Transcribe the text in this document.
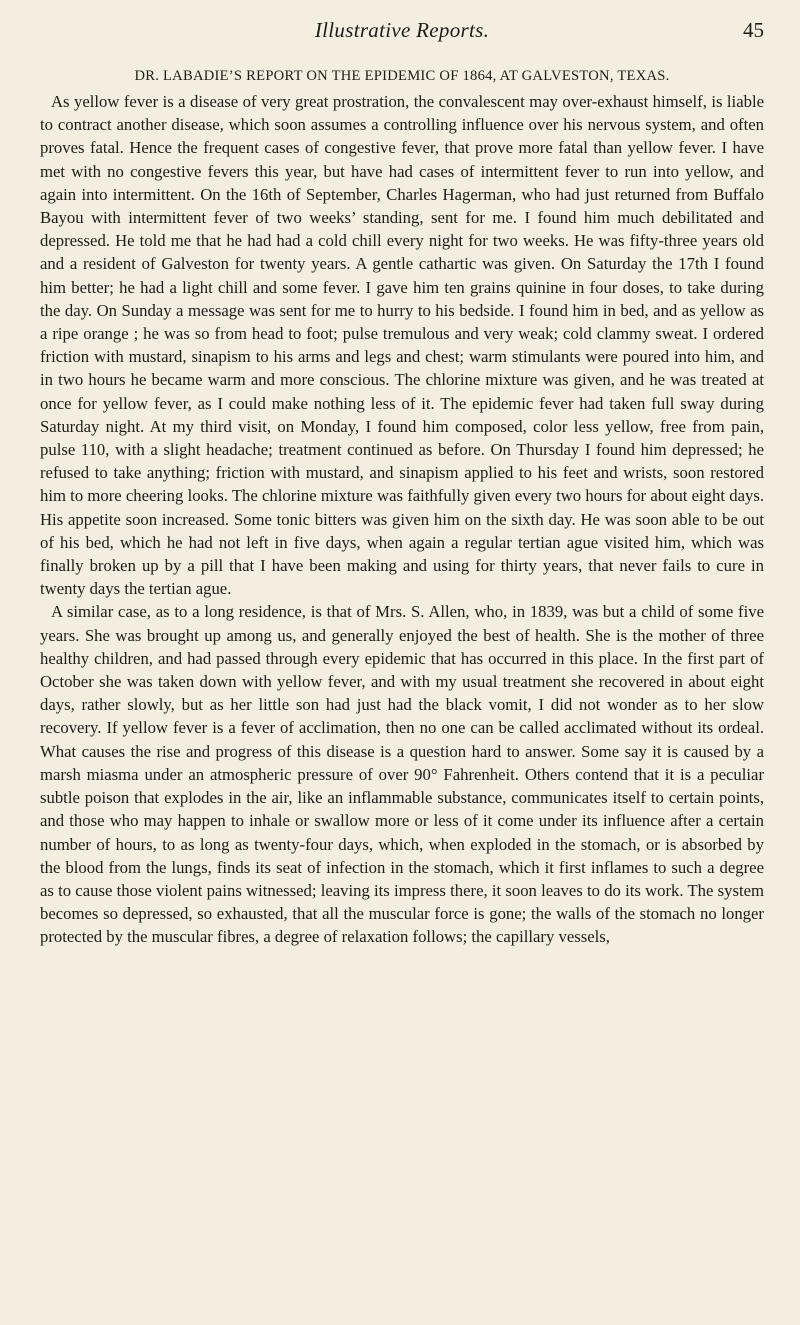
Illustrative Reports.	45
DR. LABADIE’S REPORT ON THE EPIDEMIC OF 1864, AT GALVESTON, TEXAS.

As yellow fever is a disease of very great prostration, the convalescent may over-exhaust himself, is liable to contract another disease, which soon assumes a controlling influence over his nervous system, and often proves fatal. Hence the frequent cases of congestive fever, that prove more fatal than yellow fever. I have met with no congestive fevers this year, but have had cases of intermittent fever to run into yellow, and again into intermittent. On the 16th of September, Charles Hagerman, who had just returned from Buffalo Bayou with intermittent fever of two weeks’ standing, sent for me. I found him much debilitated and depressed. He told me that he had had a cold chill every night for two weeks. He was fifty-three years old and a resident of Galveston for twenty years. A gentle cathartic was given. On Saturday the 17th I found him better; he had a light chill and some fever. I gave him ten grains quinine in four doses, to take during the day. On Sunday a message was sent for me to hurry to his bedside. I found him in bed, and as yellow as a ripe orange ; he was so from head to foot; pulse tremulous and very weak; cold clammy sweat. I ordered friction with mustard, sinapism to his arms and legs and chest; warm stimulants were poured into him, and in two hours he became warm and more conscious. The chlorine mixture was given, and he was treated at once for yellow fever, as I could make nothing less of it. The epidemic fever had taken full sway during Saturday night. At my third visit, on Monday, I found him composed, color less yellow, free from pain, pulse 110, with a slight headache; treatment continued as before. On Thursday I found him depressed; he refused to take anything; friction with mustard, and sinapism applied to his feet and wrists, soon restored him to more cheering looks. The chlorine mixture was faithfully given every two hours for about eight days. His appetite soon increased. Some tonic bitters was given him on the sixth day. He was soon able to be out of his bed, which he had not left in five days, when again a regular tertian ague visited him, which was finally broken up by a pill that I have been making and using for thirty years, that never fails to cure in twenty days the tertian ague.

A similar case, as to a long residence, is that of Mrs. S. Allen, who, in 1839, was but a child of some five years. She was brought up among us, and generally enjoyed the best of health. She is the mother of three healthy children, and had passed through every epidemic that has occurred in this place. In the first part of October she was taken down with yellow fever, and with my usual treatment she recovered in about eight days, rather slowly, but as her little son had just had the black vomit, I did not wonder as to her slow recovery. If yellow fever is a fever of acclimation, then no one can be called acclimated without its ordeal. What causes the rise and progress of this disease is a question hard to answer. Some say it is caused by a marsh miasma under an atmospheric pressure of over 90° Fahrenheit. Others contend that it is a peculiar subtle poison that explodes in the air, like an inflammable substance, communicates itself to certain points, and those who may happen to inhale or swallow more or less of it come under its influence after a certain number of hours, to as long as twenty-four days, which, when exploded in the stomach, or is absorbed by the blood from the lungs, finds its seat of infection in the stomach, which it first inflames to such a degree as to cause those violent pains witnessed; leaving its impress there, it soon leaves to do its work. The system becomes so depressed, so exhausted, that all the muscular force is gone; the walls of the stomach no longer protected by the muscular fibres, a degree of relaxation follows; the capillary vessels,
